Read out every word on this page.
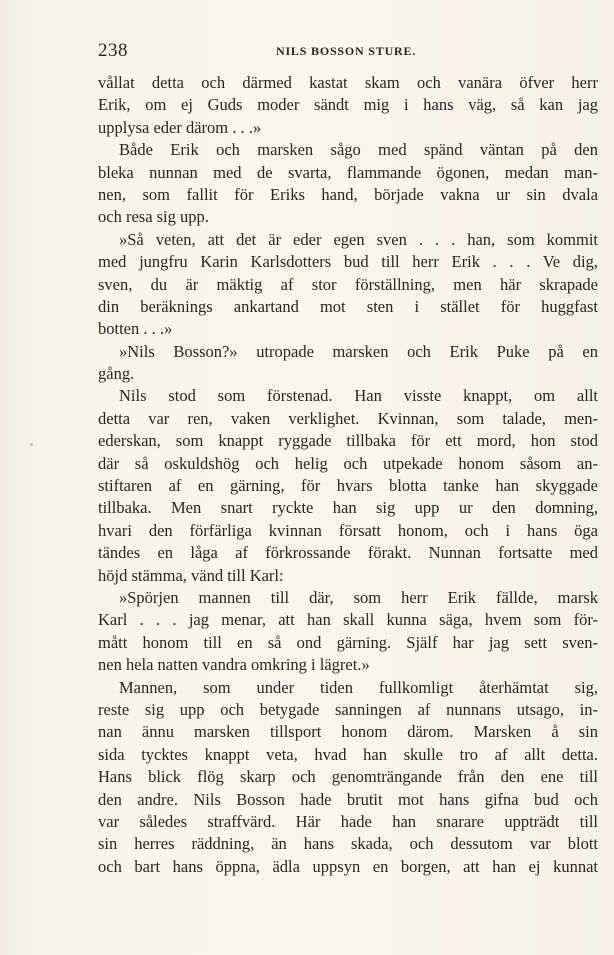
238	NILS BOSSON STURE.
vållat detta och därmed kastat skam och vanära öfver herr
Erik, om ej Guds moder sändt mig i hans väg, så kan jag
upplysa eder därom . . .»
Både Erik och marsken sågo med spänd väntan på den
bleka nunnan med de svarta, flammande ögonen, medan man-
nen, som fallit för Eriks hand, började vakna ur sin dvala
och resa sig upp.
»Så veten, att det är eder egen sven . . . han, som kommit
med jungfru Karin Karlsdotters bud till herr Erik . . . Ve dig,
sven, du är mäktig af stor förställning, men här skrapade
din beräknings ankartand mot sten i stället för huggfast
botten . . .»
»Nils Bosson?» utropade marsken och Erik Puke på en
gång.
Nils stod som förstenad. Han visste knappt, om allt
detta var ren, vaken verklighet. Kvinnan, som talade, men-
ederskan, som knappt ryggade tillbaka för ett mord, hon stod
där så oskuldshög och helig och utpekade honom såsom an-
stiftaren af en gärning, för hvars blotta tanke han skyggade
tillbaka. Men snart ryckte han sig upp ur den domning,
hvari den förfärliga kvinnan försatt honom, och i hans öga
tändes en låga af förkrossande förakt. Nunnan fortsatte med
höjd stämma, vänd till Karl:
»Spörjen mannen till där, som herr Erik fällde, marsk
Karl . . . jag menar, att han skall kunna säga, hvem som för-
mått honom till en så ond gärning. Själf har jag sett sven-
nen hela natten vandra omkring i lägret.»
Mannen, som under tiden fullkomligt återhämtat sig,
reste sig upp och betygade sanningen af nunnans utsago, in-
nan ännu marsken tillsport honom därom. Marsken å sin
sida tycktes knappt veta, hvad han skulle tro af allt detta.
Hans blick flög skarp och genomträngande från den ene till
den andre. Nils Bosson hade brutit mot hans gifna bud och
var således straffvärd. Här hade han snarare uppträdt till
sin herres räddning, än hans skada, och dessutom var blott
och bart hans öppna, ädla uppsyn en borgen, att han ej kunnat
